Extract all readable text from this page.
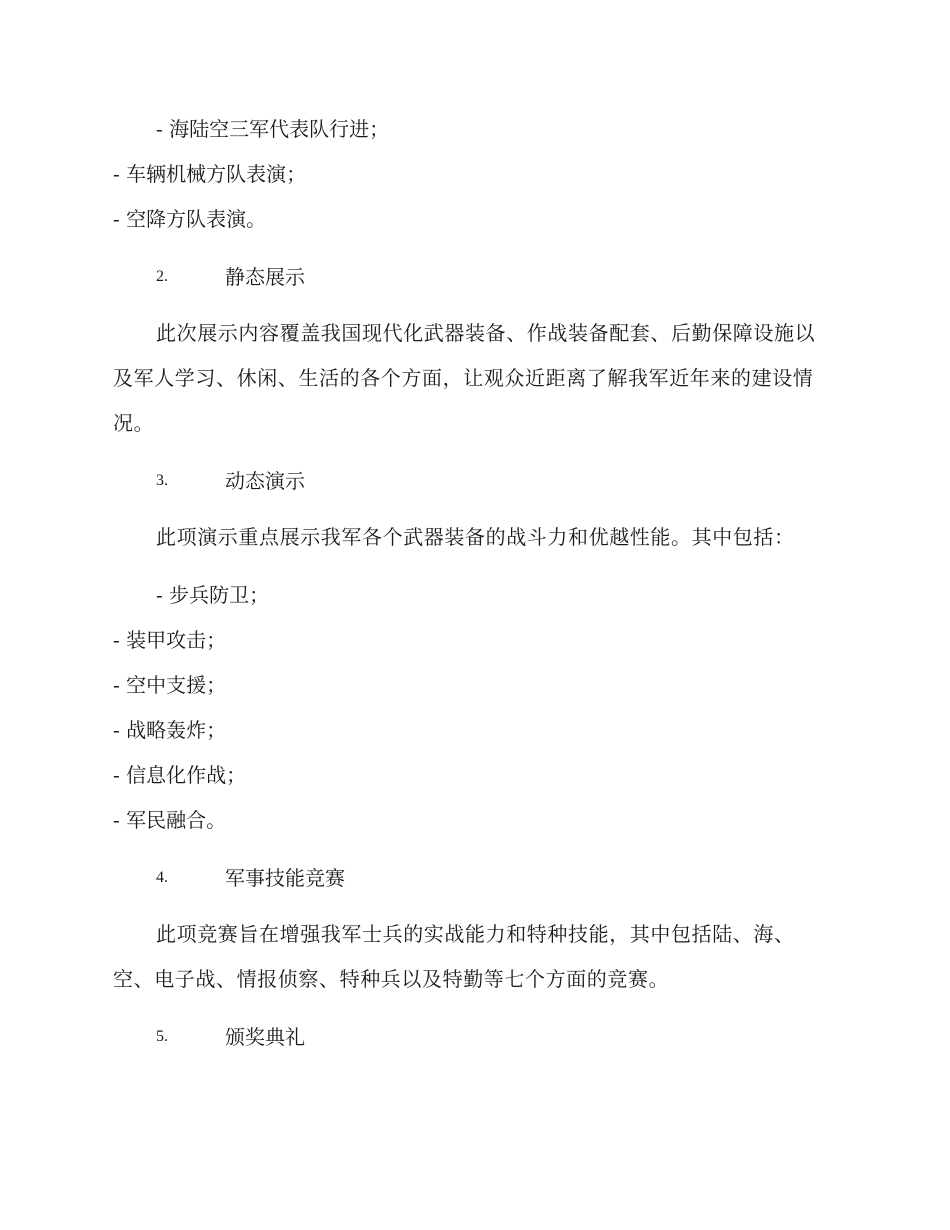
- 海陆空三军代表队行进；
- 车辆机械方队表演；
- 空降方队表演。
2.	静态展示

此次展示内容覆盖我国现代化武器装备、作战装备配套、后勤保障设施以及军人学习、休闲、生活的各个方面，让观众近距离了解我军近年来的建设情况。

3.	动态演示

此项演示重点展示我军各个武器装备的战斗力和优越性能。其中包括：

- 步兵防卫；
- 装甲攻击；
- 空中支援；
- 战略轰炸；
- 信息化作战；
- 军民融合。
4.	军事技能竞赛

此项竞赛旨在增强我军士兵的实战能力和特种技能，其中包括陆、海、空、电子战、情报侦察、特种兵以及特勤等七个方面的竞赛。

5.	颁奖典礼
